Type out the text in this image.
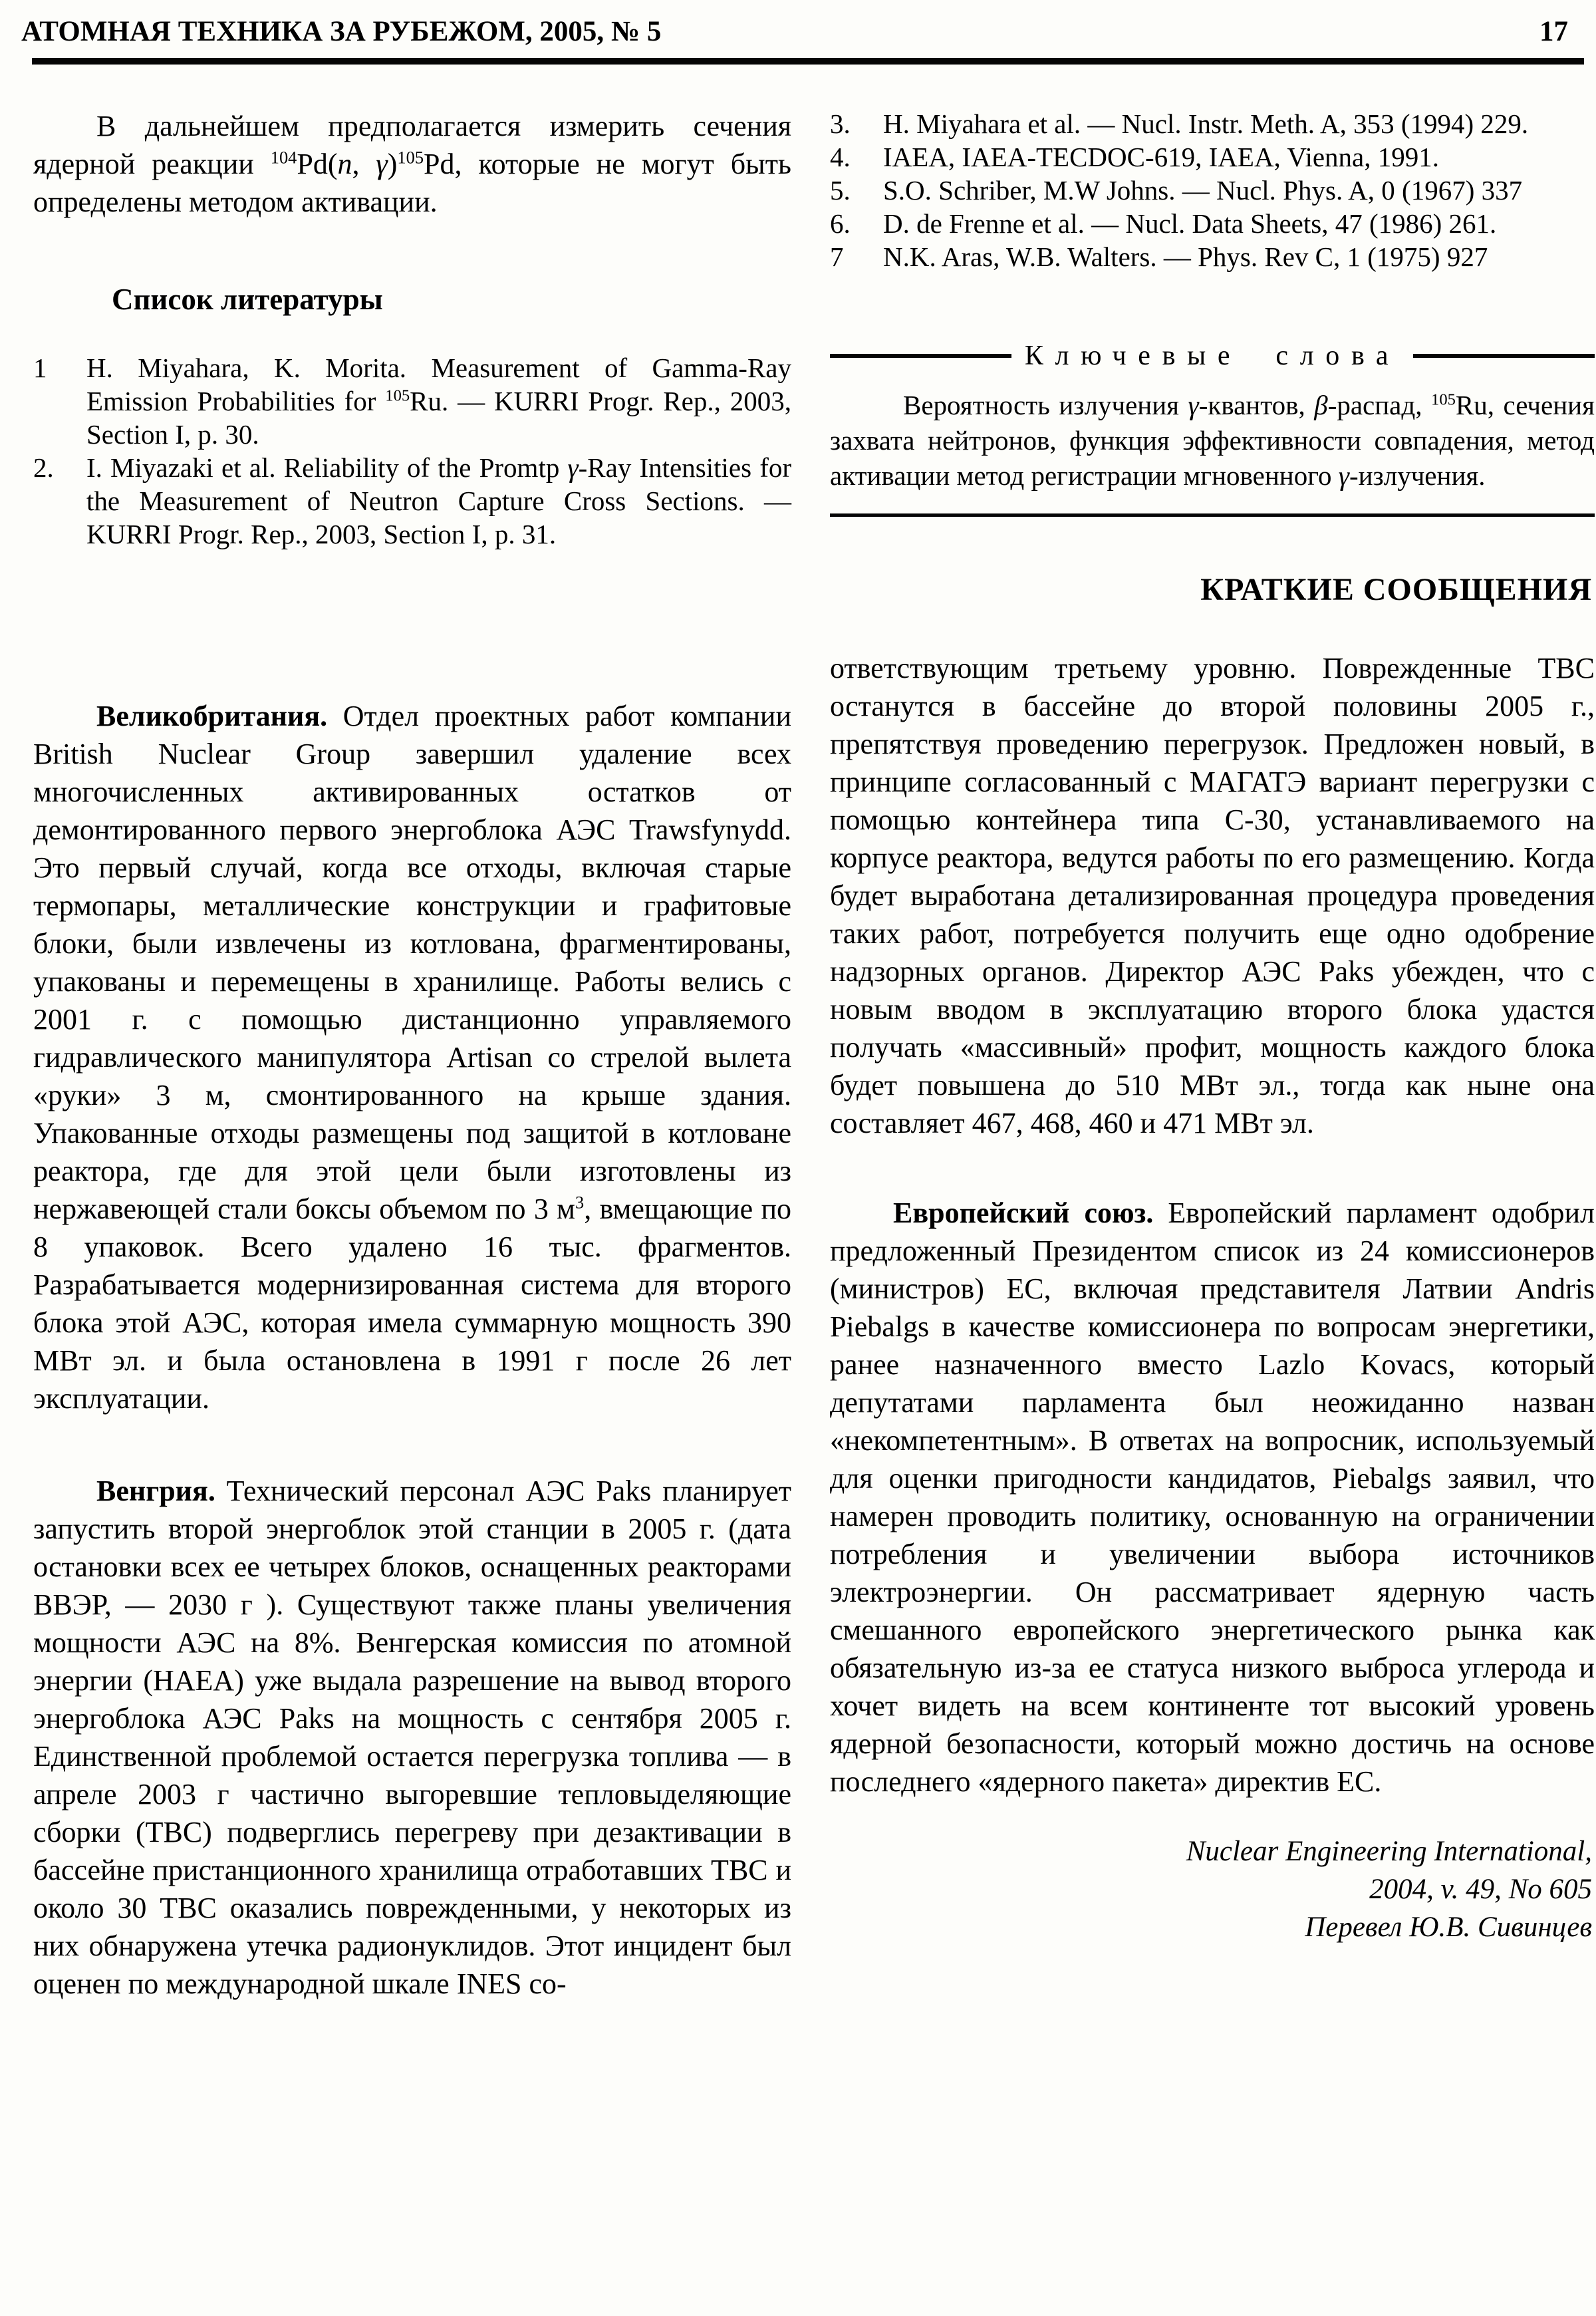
АТОМНАЯ ТЕХНИКА ЗА РУБЕЖОМ, 2005, № 5	17

В дальнейшем предполагается измерить сечения ядерной реакции $^{104}$Pd(n, γ)$^{105}$Pd, которые не могут быть определены методом активации.

Список литературы
1	H. Miyahara, K. Morita. Measurement of Gamma-Ray Emission Probabilities for $^{105}$Ru. — KURRI Progr. Rep., 2003, Section I, p. 30.
2.	I. Miyazaki et al. Reliability of the Promtp γ-Ray Intensities for the Measurement of Neutron Capture Cross Sections. — KURRI Progr. Rep., 2003, Section I, p. 31.

Великобритания. Отдел проектных работ компании British Nuclear Group завершил удаление всех многочисленных активированных остатков от демонтированного первого энергоблока АЭС Trawsfynydd. Это первый случай, когда все отходы, включая старые термопары, металлические конструкции и графитовые блоки, были извлечены из котлована, фрагментированы, упакованы и перемещены в хранилище. Работы велись с 2001 г. с помощью дистанционно управляемого гидравлического манипулятора Artisan со стрелой вылета «руки» 3 м, смонтированного на крыше здания. Упакованные отходы размещены под защитой в котловане реактора, где для этой цели были изготовлены из нержавеющей стали боксы объемом по 3 $м^3$, вмещающие по 8 упаковок. Всего удалено 16 тыс. фрагментов. Разрабатывается модернизированная система для второго блока этой АЭС, которая имела суммарную мощность 390 МВт эл. и была остановлена в 1991 г после 26 лет эксплуатации.

Венгрия. Технический персонал АЭС Paks планирует запустить второй энергоблок этой станции в 2005 г. (дата остановки всех ее четырех блоков, оснащенных реакторами ВВЭР, — 2030 г ). Существуют также планы увеличения мощности АЭС на 8%. Венгерская комиссия по атомной энергии (HAEA) уже выдала разрешение на вывод второго энергоблока АЭС Paks на мощность с сентября 2005 г. Единственной проблемой остается перегрузка топлива — в апреле 2003 г частично выгоревшие тепловыделяющие сборки (ТВС) подверглись перегреву при дезактивации в бассейне пристанционного хранилища отработавших ТВС и около 30 ТВС оказались поврежденными, у некоторых из них обнаружена утечка радионуклидов. Этот инцидент был оценен по международной шкале INES со-

3.	H. Miyahara et al. — Nucl. Instr. Meth. A, 353 (1994) 229.
4.	IAEA, IAEA-TECDOC-619, IAEA, Vienna, 1991.
5.	S.O. Schriber, M.W Johns. — Nucl. Phys. A, 0 (1967) 337
6.	D. de Frenne et al. — Nucl. Data Sheets, 47 (1986) 261.
7	N.K. Aras, W.B. Walters. — Phys. Rev C, 1 (1975) 927
Ключевые слова
Вероятность излучения γ-квантов, β-распад, $^{105}$Ru, сечения захвата нейтронов, функция эффективности совпадения, метод активации метод регистрации мгновенного γ-излучения.
КРАТКИЕ СООБЩЕНИЯ

ответствующим третьему уровню. Поврежденные ТВС останутся в бассейне до второй половины 2005 г., препятствуя проведению перегрузок. Предложен новый, в принципе согласованный с МАГАТЭ вариант перегрузки с помощью контейнера типа С-30, устанавливаемого на корпусе реактора, ведутся работы по его размещению. Когда будет выработана детализированная процедура проведения таких работ, потребуется получить еще одно одобрение надзорных органов. Директор АЭС Paks убежден, что с новым вводом в эксплуатацию второго блока удастся получать «массивный» профит, мощность каждого блока будет повышена до 510 МВт эл., тогда как ныне она составляет 467, 468, 460 и 471 МВт эл.

Европейский союз. Европейский парламент одобрил предложенный Президентом список из 24 комиссионеров (министров) ЕС, включая представителя Латвии Andris Piebalgs в качестве комиссионера по вопросам энергетики, ранее назначенного вместо Lazlo Kovacs, который депутатами парламента был неожиданно назван «некомпетентным». В ответах на вопросник, используемый для оценки пригодности кандидатов, Piebalgs заявил, что намерен проводить политику, основанную на ограничении потребления и увеличении выбора источников электроэнергии. Он рассматривает ядерную часть смешанного европейского энергетического рынка как обязательную из-за ее статуса низкого выброса углерода и хочет видеть на всем континенте тот высокий уровень ядерной безопасности, который можно достичь на основе последнего «ядерного пакета» директив ЕС.

Nuclear Engineering International,
2004, v. 49, No 605
Перевел Ю.В. Сивинцев
